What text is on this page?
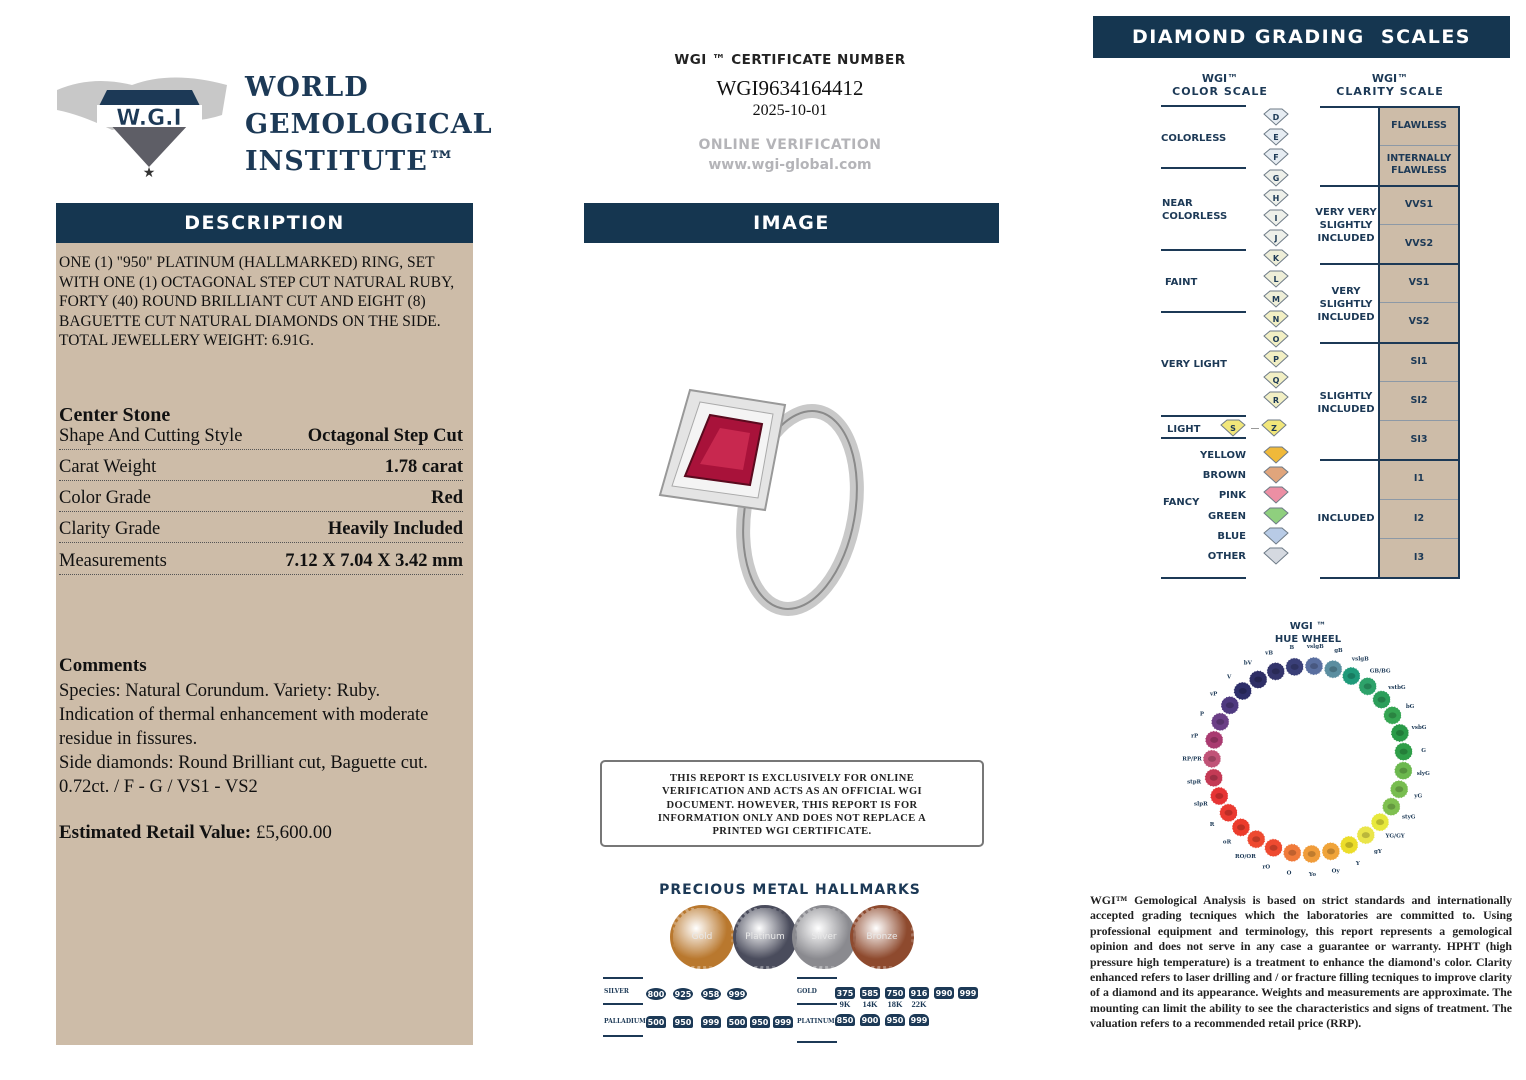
W.G.I
★
WORLD
GEMOLOGICAL
INSTITUTE™
DESCRIPTION
ONE (1) "950" PLATINUM (HALLMARKED) RING, SET WITH ONE (1) OCTAGONAL STEP CUT NATURAL RUBY, FORTY (40) ROUND BRILLIANT CUT AND EIGHT (8) BAGUETTE CUT NATURAL DIAMONDS ON THE SIDE. TOTAL JEWELLERY WEIGHT: 6.91G.
Center Stone
Shape And Cutting Style	Octagonal Step Cut
Carat Weight	1.78 carat
Color Grade	Red
Clarity Grade	Heavily Included
Measurements	7.12 X 7.04 X 3.42 mm
Comments
Species: Natural Corundum. Variety: Ruby.
Indication of thermal enhancement with moderate residue in fissures.
Side diamonds: Round Brilliant cut, Baguette cut. 0.72ct. / F - G / VS1 - VS2
Estimated Retail Value: £5,600.00
WGI ™ CERTIFICATE NUMBER
WGI9634164412
2025-10-01
ONLINE VERIFICATION
www.wgi-global.com
IMAGE
THIS REPORT IS EXCLUSIVELY FOR ONLINE VERIFICATION AND ACTS AS AN OFFICIAL WGI DOCUMENT. HOWEVER, THIS REPORT IS FOR INFORMATION ONLY AND DOES NOT REPLACE A PRINTED WGI CERTIFICATE.
PRECIOUS METAL HALLMARKS
Gold	Platinum	Silver	Bronze
SILVER
PALLADIUM
GOLD
PLATINUM
800 925 958 999
500 950 999 500 950 999
375 585 750 916 990 999
850 900 950 999
9K	14K	18K	22K
DIAMOND GRADING  SCALES
WGI™
COLOR SCALE
WGI™
CLARITY SCALE
COLORLESS
NEAR COLORLESS
FAINT
VERY LIGHT
LIGHT
FANCY
D
E
F
G
H
I
J
K
L
M
N
O
P
Q
R
S	Z
YELLOW
BROWN
PINK
GREEN
BLUE
OTHER
FLAWLESS
INTERNALLY FLAWLESS
VVS1
VVS2
VS1
VS2
SI1
SI2
SI3
I1
I2
I3
VERY VERY SLIGHTLY INCLUDED
VERY SLIGHTLY INCLUDED
SLIGHTLY INCLUDED
INCLUDED
WGI ™
HUE WHEEL
B vslgB
gB
vslgB
GB/BG
vstbG
bG
vsbG
G
slyG
yG
styG
YG/GY
gY
Y
Oy
Yo
O
rO
RO/OR
oR
R
slpR
stpR
RP/PR
rP
P
vP
V
bV
vB
WGI™ Gemological Analysis is based on strict standards and internationally accepted grading tecniques which the laboratories are committed to. Using professional equipment and terminology, this report represents a gemological opinion and does not serve in any case a guarantee or warranty. HPHT (high pressure high temperature) is a treatment to enhance the diamond's color. Clarity enhanced refers to laser drilling and / or fracture filling tecniques to improve clarity of a diamond and its appearance. Weights and measurements are approximate. The mounting can limit the ability to see the characteristics and signs of treatment. The valuation refers to a recommended retail price (RRP).
